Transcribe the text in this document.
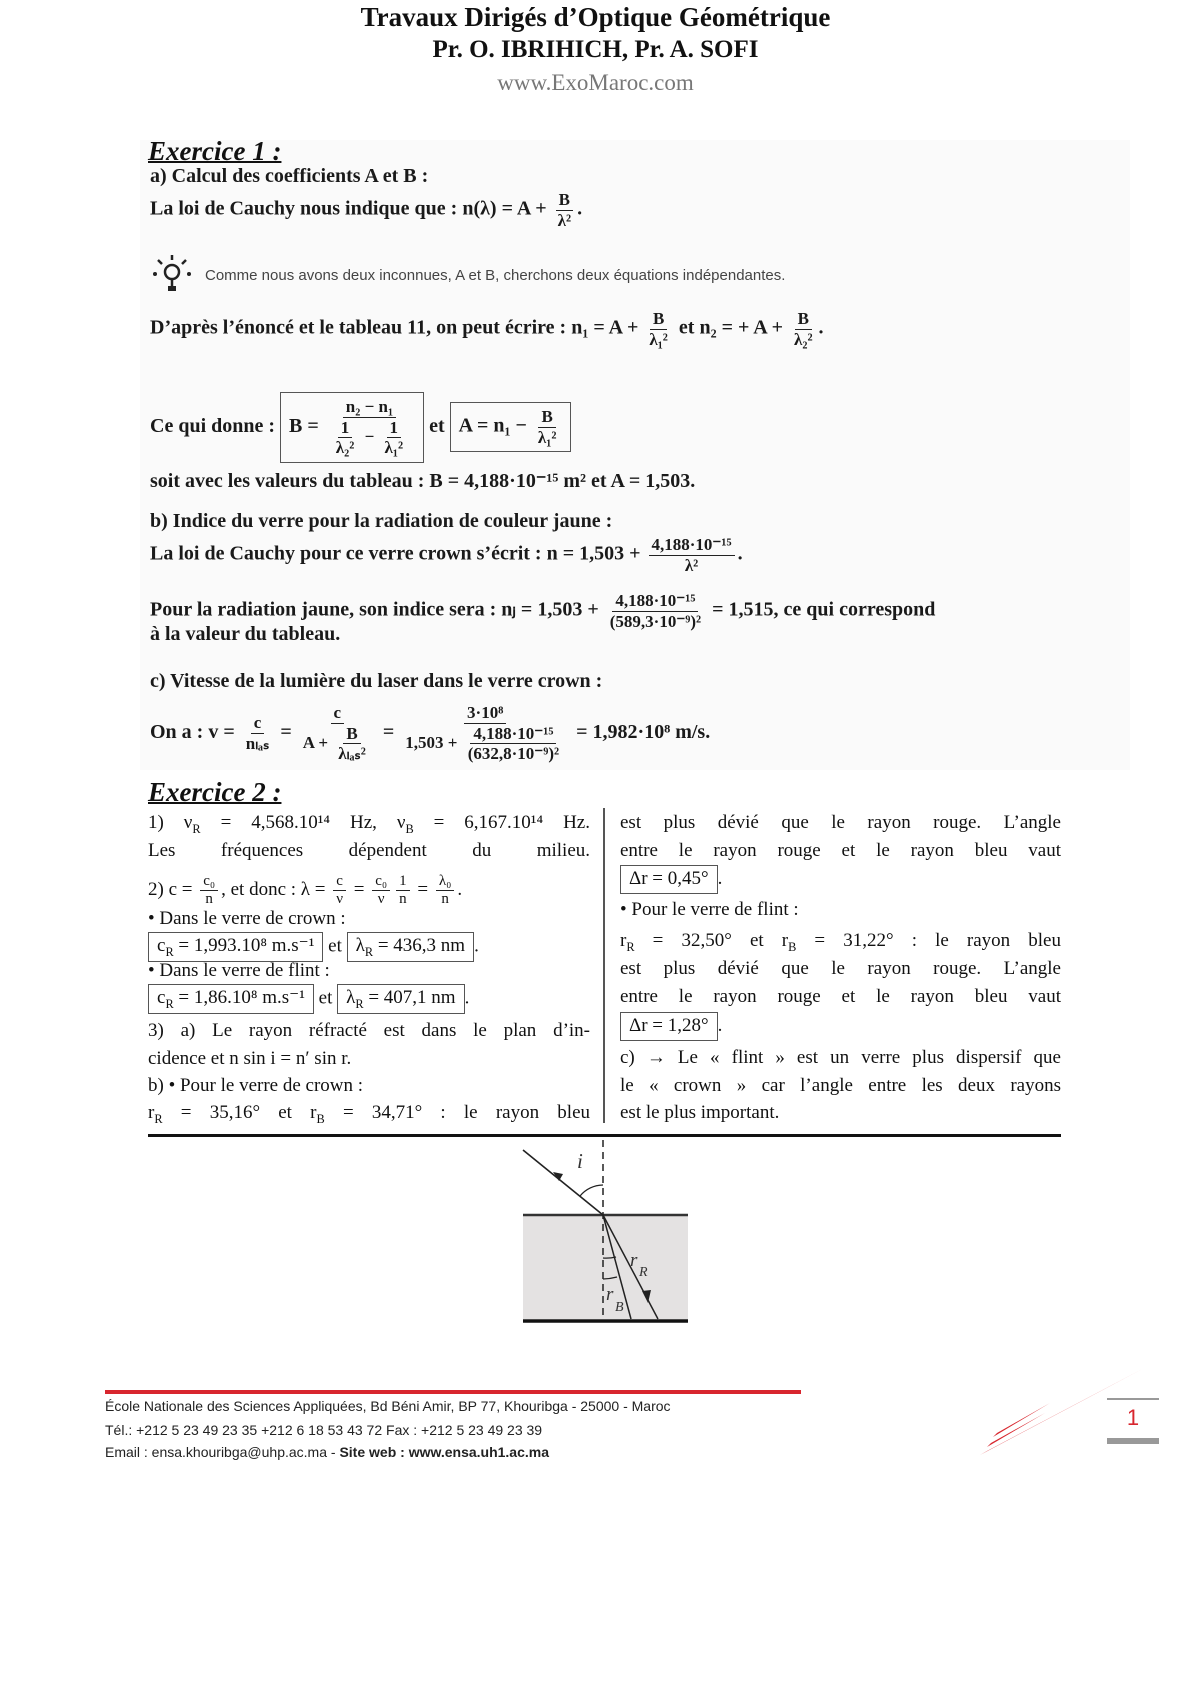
Travaux Dirigés d’Optique Géométrique
Pr. O. IBRIHICH, Pr. A. SOFI
www.ExoMaroc.com
Exercice 1 :
a) Calcul des coefficients A et B :
La loi de Cauchy nous indique que : $n(\lambda) = A + \frac{B}{\text{λ²}}$ .
Comme nous avons deux inconnues, A et B, cherchons deux équations indépendantes.
D’après l’énoncé et le tableau 11, on peut écrire : $n_1 = A + \frac{B}{\text{λ₁²}}$ et n₂ = + $A + \frac{B}{\text{λ₂²}}$ .
Ce qui donne : $B = \frac{\text{n₂ − n₁}}{\frac{1}{\text{λ₂²}} - \frac{1}{\text{λ₁²}}}$ et $A = n_1 - \frac{B}{\text{λ₁²}}$
soit avec les valeurs du tableau : B = 4,188·10⁻¹⁵ m² et A = 1,503.
b) Indice du verre pour la radiation de couleur jaune :
La loi de Cauchy pour ce verre crown s’écrit : $n = 1,503 + \frac{\text{4,188·10⁻¹⁵}}{\text{λ²}}$ .
Pour la radiation jaune, son indice sera : nⱼ = $1,503 + \frac{\text{4,188·10⁻¹⁵}}{\text{(589,3·10⁻⁹)²}} = 1,515$, ce qui correspond
à la valeur du tableau.
c) Vitesse de la lumière du laser dans le verre crown :
On a : $v = \frac{c}{\text{nₗₐₛ}} = \frac{c}{A + \frac{B}{\text{λₗₐₛ²}}} = \frac{\text{3·10⁸}}{1,503 + \frac{\text{4,188·10⁻¹⁵}}{\text{(632,8·10⁻⁹)²}}} = 1,982\cdot 10^8$ m/s.
Exercice 2 :
1) $\nu_R = 4,568.10^{14}$ Hz, $\nu_B = 6,167.10^{14}$ Hz.
Les fréquences dépendent du milieu.
2) $c = \frac{\text{c₀}}{n}$ , et donc : $\lambda = \frac{c}{\nu} = \frac{\text{c₀}}{\nu} \frac{1}{n} = \frac{\text{λ₀}}{n}$ .
• Dans le verre de crown :
$c_R = 1,993.10^8$ m.s⁻¹ et $\lambda_R = 436,3$ nm .
• Dans le verre de flint :
$c_R = 1,86.10^8$ m.s⁻¹ et $\lambda_R = 407,1$ nm .
3) a) Le rayon réfracté est dans le plan d’in-
cidence et n sin i = n′ sin r.
b) • Pour le verre de crown :
$r_R = 35,16^\circ$ et $r_B = 34,71^\circ$ : le rayon bleu
est plus dévié que le rayon rouge. L’angle
entre le rayon rouge et le rayon bleu vaut
Δr = 0,45° .
• Pour le verre de flint :
$r_R = 32,50^\circ$ et $r_B = 31,22^\circ$ : le rayon bleu
est plus dévié que le rayon rouge. L’angle
entre le rayon rouge et le rayon bleu vaut
Δr = 1,28° .
c) → Le « flint » est un verre plus dispersif que
le « crown » car l’angle entre les deux rayons
est le plus important.
i
r
R
r
B
École Nationale des Sciences Appliquées, Bd Béni Amir, BP 77, Khouribga - 25000 - Maroc
Tél.: +212 5 23 49 23 35 +212 6 18 53 43 72 Fax : +212 5 23 49 23 39
Email : ensa.khouribga@uhp.ac.ma - Site web : www.ensa.uh1.ac.ma
1
